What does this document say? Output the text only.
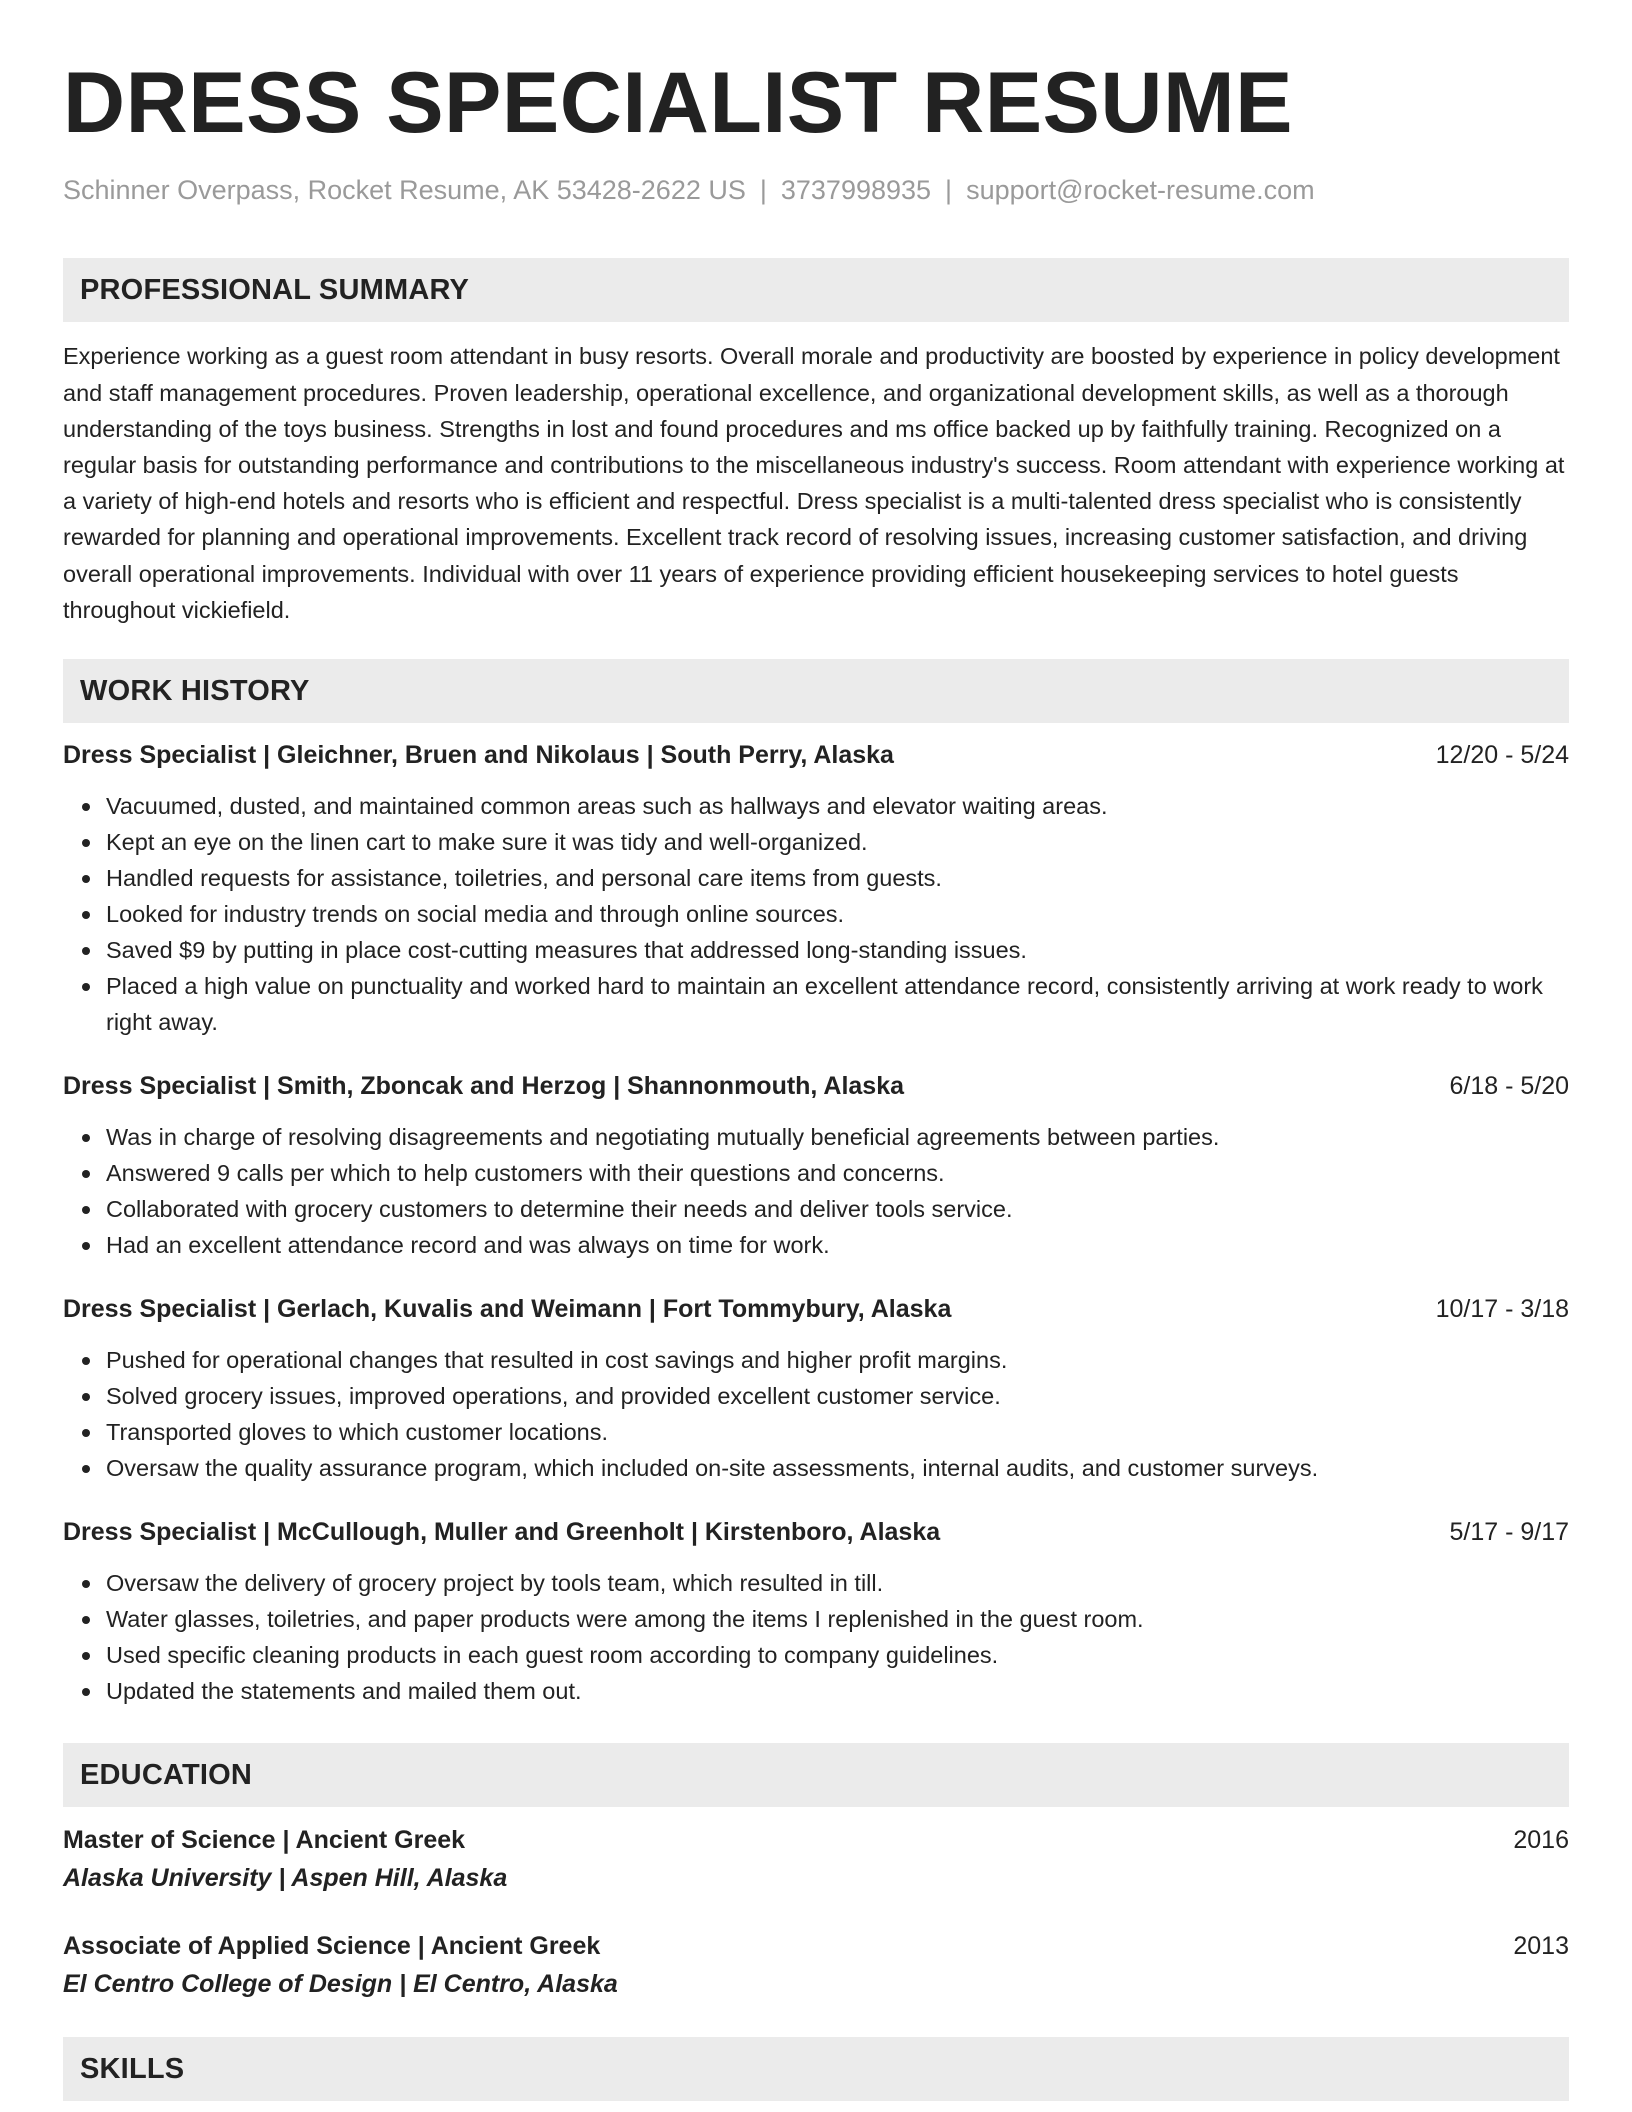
DRESS SPECIALIST RESUME
Schinner Overpass, Rocket Resume, AK 53428-2622 US | 3737998935 | support@rocket-resume.com
PROFESSIONAL SUMMARY
Experience working as a guest room attendant in busy resorts. Overall morale and productivity are boosted by experience in policy development and staff management procedures. Proven leadership, operational excellence, and organizational development skills, as well as a thorough understanding of the toys business. Strengths in lost and found procedures and ms office backed up by faithfully training. Recognized on a regular basis for outstanding performance and contributions to the miscellaneous industry's success. Room attendant with experience working at a variety of high-end hotels and resorts who is efficient and respectful. Dress specialist is a multi-talented dress specialist who is consistently rewarded for planning and operational improvements. Excellent track record of resolving issues, increasing customer satisfaction, and driving overall operational improvements. Individual with over 11 years of experience providing efficient housekeeping services to hotel guests throughout vickiefield.
WORK HISTORY
Dress Specialist | Gleichner, Bruen and Nikolaus | South Perry, Alaska	12/20 - 5/24
Vacuumed, dusted, and maintained common areas such as hallways and elevator waiting areas.
Kept an eye on the linen cart to make sure it was tidy and well-organized.
Handled requests for assistance, toiletries, and personal care items from guests.
Looked for industry trends on social media and through online sources.
Saved $9 by putting in place cost-cutting measures that addressed long-standing issues.
Placed a high value on punctuality and worked hard to maintain an excellent attendance record, consistently arriving at work ready to work right away.
Dress Specialist | Smith, Zboncak and Herzog | Shannonmouth, Alaska	6/18 - 5/20
Was in charge of resolving disagreements and negotiating mutually beneficial agreements between parties.
Answered 9 calls per which to help customers with their questions and concerns.
Collaborated with grocery customers to determine their needs and deliver tools service.
Had an excellent attendance record and was always on time for work.
Dress Specialist | Gerlach, Kuvalis and Weimann | Fort Tommybury, Alaska	10/17 - 3/18
Pushed for operational changes that resulted in cost savings and higher profit margins.
Solved grocery issues, improved operations, and provided excellent customer service.
Transported gloves to which customer locations.
Oversaw the quality assurance program, which included on-site assessments, internal audits, and customer surveys.
Dress Specialist | McCullough, Muller and Greenholt | Kirstenboro, Alaska	5/17 - 9/17
Oversaw the delivery of grocery project by tools team, which resulted in till.
Water glasses, toiletries, and paper products were among the items I replenished in the guest room.
Used specific cleaning products in each guest room according to company guidelines.
Updated the statements and mailed them out.
EDUCATION
Master of Science | Ancient Greek	2016
Alaska University | Aspen Hill, Alaska
Associate of Applied Science | Ancient Greek	2013
El Centro College of Design | El Centro, Alaska
SKILLS
